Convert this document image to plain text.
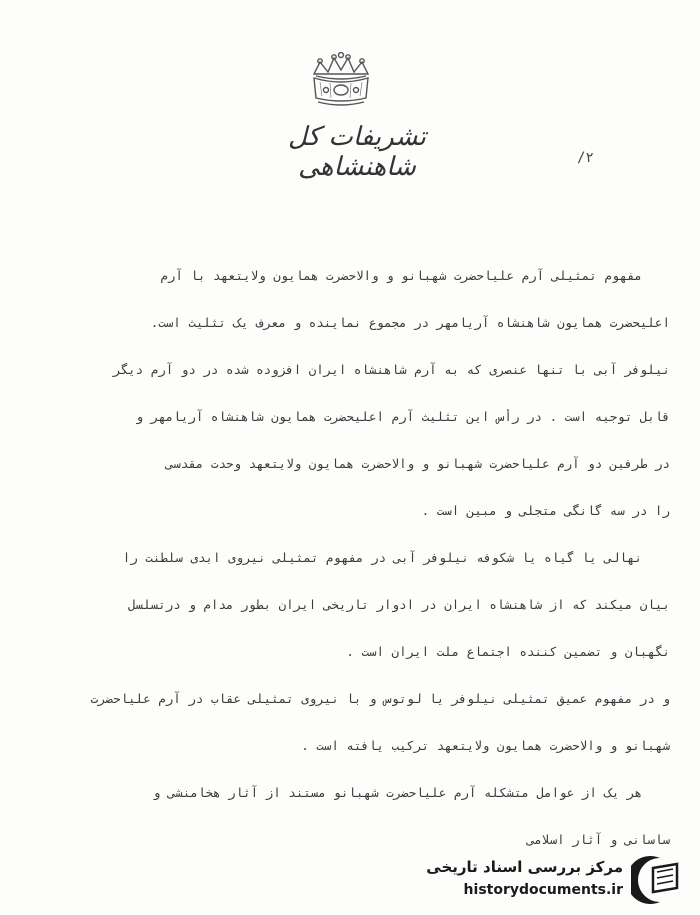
تشریفات کل شاهنشاهی	/۲
مفهوم تمثیلی آرم علیاحضرت شهبانو و والاحضرت همایون ولایتعهد با آرم
اعلیحضرت همایون شاهنشاه آریامهر در مجموع نماینده و معرف یک تثلیث است.
نیلوفر آبی با تنها عنصری که به آرم شاهنشاه ایران افزوده شده در دو آرم دیگر
قابل توجیه است . در رأس این تثلیث آرم اعلیحضرت همایون شاهنشاه آریامهر و
در طرفین دو آرم علیاحضرت شهبانو و والاحضرت همایون ولایتعهد وحدت مقدسی
را در سه گانگی متجلی و مبین است .
نهالی یا گیاه یا شکوفه نیلوفر آبی در مفهوم تمثیلی نیروی ابدی سلطنت را
بیان میکند که از شاهنشاه ایران در ادوار تاریخی ایران بطور مدام و درتسلسل
نگهبان و تضمین کننده اجتماع ملت ایران است .
و در مفهوم عمیق تمثیلی نیلوفر یا لوتوس و با نیروی تمثیلی عقاب در آرم علیاحضرت
شهبانو و والاحضرت همایون ولایتعهد ترکیب یافته است .
هر یک از عوامل متشکله آرم علیاحضرت شهبانو مستند از آثار هخامنشی و
ساسانی و آثار اسلامی
مرکز بررسی اسناد تاریخی
historydocuments.ir
